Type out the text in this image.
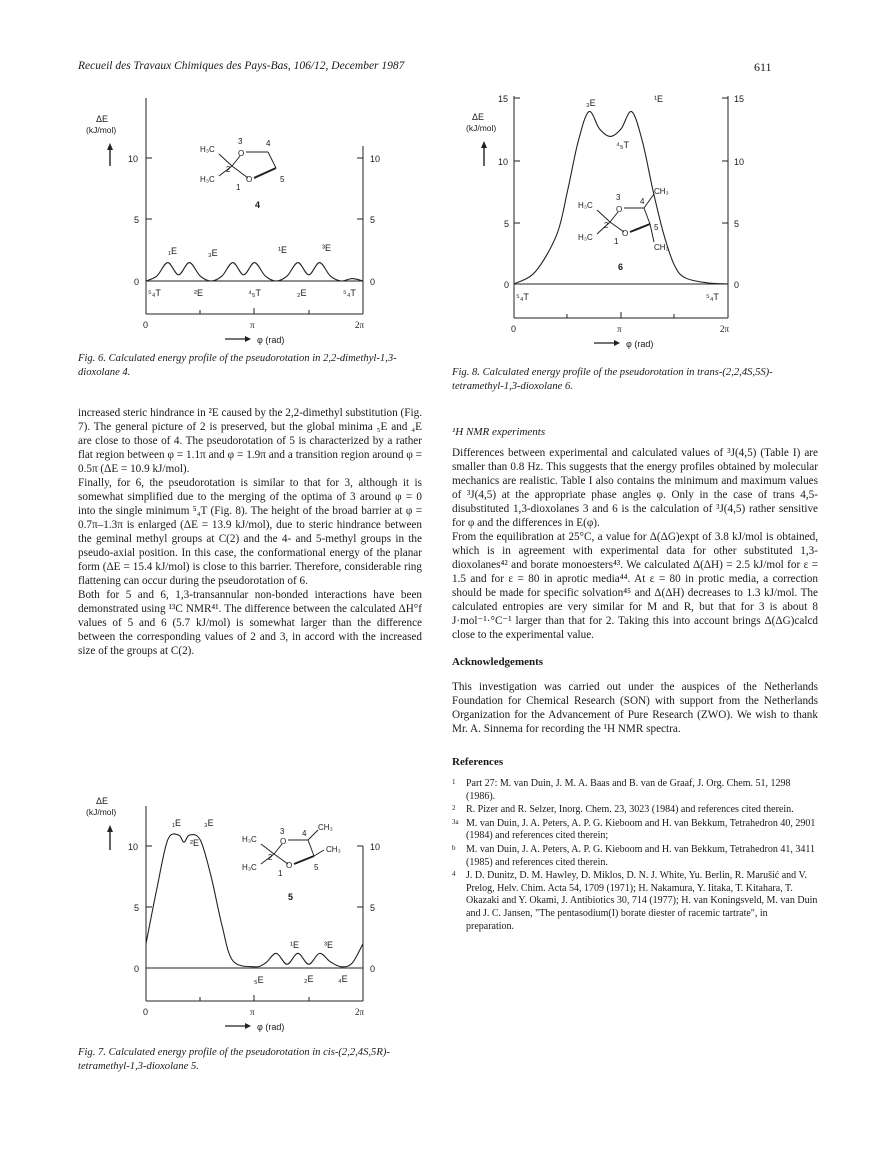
Recueil des Travaux Chimiques des Pays-Bas, 106/12, December 1987	611
ΔE
(kJ/mol)
10	10
5	5
0	0
0	π	2π
φ (rad)
₁E	₃E	¹E	³E
⁵₄T	²E	⁴₅T	₂E	⁵₄T
H₃C
H₃C
O
O
3	4
2
1
5
4

Fig. 6. Calculated energy profile of the pseudorotation in 2,2-dimethyl-1,3-dioxolane 4.

15	15
10	10
5	5
0	0
ΔE
(kJ/mol)
0	π	2π
φ (rad)
₃E	¹E
⁴₅T
⁵₄T	⁵₄T
H₃C
H₃C
O
CH₃
O
CH₃
3 4
2
1
5
6

Fig. 8. Calculated energy profile of the pseudorotation in trans-(2,2,4S,5S)-tetramethyl-1,3-dioxolane 6.

increased steric hindrance in ²E caused by the 2,2-dimethyl substitution (Fig. 7). The general picture of 2 is preserved, but the global minima ₅E and ₄E are close to those of 4. The pseudorotation of 5 is characterized by a rather flat region between φ = 1.1π and φ = 1.9π and a transition region around φ = 0.5π (ΔE = 10.9 kJ/mol).

Finally, for 6, the pseudorotation is similar to that for 3, although it is somewhat simplified due to the merging of the optima of 3 around φ = 0 into the single minimum ⁵₄T (Fig. 8). The height of the broad barrier at φ = 0.7π–1.3π is enlarged (ΔE = 13.9 kJ/mol), due to steric hindrance between the geminal methyl groups at C(2) and the 4- and 5-methyl groups in the pseudo-axial position. In this case, the conformational energy of the planar form (ΔE = 15.4 kJ/mol) is close to this barrier. Therefore, considerable ring flattening can occur during the pseudorotation of 6.

Both for 5 and 6, 1,3-transannular non-bonded interactions have been demonstrated using ¹³C NMR⁴¹. The difference between the calculated ΔH°f values of 5 and 6 (5.7 kJ/mol) is somewhat larger than the difference between the corresponding values of 2 and 3, in accord with the increased size of the groups at C(2).

ΔE
(kJ/mol)
10	10
5	5
0	0
0	π	2π
φ (rad)
₁E	₃E
²E
¹E	³E
₅E	₂E	₄E
H₃C
H₃C
O
CH₃
CH₃
O
3 4
2
1
5
5

Fig. 7. Calculated energy profile of the pseudorotation in cis-(2,2,4S,5R)-tetramethyl-1,3-dioxolane 5.

¹H NMR experiments

Differences between experimental and calculated values of ³J(4,5) (Table I) are smaller than 0.8 Hz. This suggests that the energy profiles obtained by molecular mechanics are realistic. Table I also contains the minimum and maximum values of ³J(4,5) at the appropriate phase angles φ. Only in the case of trans 4,5-disubstituted 1,3-dioxolanes 3 and 6 is the calculation of ³J(4,5) rather sensitive for φ and the differences in E(φ).

From the equilibration at 25°C, a value for Δ(ΔG)expt of 3.8 kJ/mol is obtained, which is in agreement with experimental data for other substituted 1,3-dioxolanes⁴² and borate monoesters⁴³. We calculated Δ(ΔH) = 2.5 kJ/mol for ε = 1.5 and for ε = 80 in aprotic media⁴⁴. At ε = 80 in protic media, a correction should be made for specific solvation⁴⁵ and Δ(ΔH) decreases to 1.3 kJ/mol. The calculated entropies are very similar for M and R, but that for 3 is about 8 J·mol⁻¹·°C⁻¹ larger than that for 2. Taking this into account brings Δ(ΔG)calcd close to the experimental value.

Acknowledgements

This investigation was carried out under the auspices of the Netherlands Foundation for Chemical Research (SON) with support from the Netherlands Organization for the Advancement of Pure Research (ZWO). We wish to thank Mr. A. Sinnema for recording the ¹H NMR spectra.

References

1 Part 27: M. van Duin, J. M. A. Baas and B. van de Graaf, J. Org. Chem. 51, 1298 (1986).
2 R. Pizer and R. Selzer, Inorg. Chem. 23, 3023 (1984) and references cited therein.
3a M. van Duin, J. A. Peters, A. P. G. Kieboom and H. van Bekkum, Tetrahedron 40, 2901 (1984) and references cited therein;
b M. van Duin, J. A. Peters, A. P. G. Kieboom and H. van Bekkum, Tetrahedron 41, 3411 (1985) and references cited therein.
4 J. D. Dunitz, D. M. Hawley, D. Miklos, D. N. J. White, Yu. Berlin, R. Marušić and V. Prelog, Helv. Chim. Acta 54, 1709 (1971); H. Nakamura, Y. Iitaka, T. Kitahara, T. Okazaki and Y. Okami, J. Antibiotics 30, 714 (1977); H. van Koningsveld, M. van Duin and J. C. Jansen, "The pentasodium(I) borate diester of racemic tartrate", in preparation.
